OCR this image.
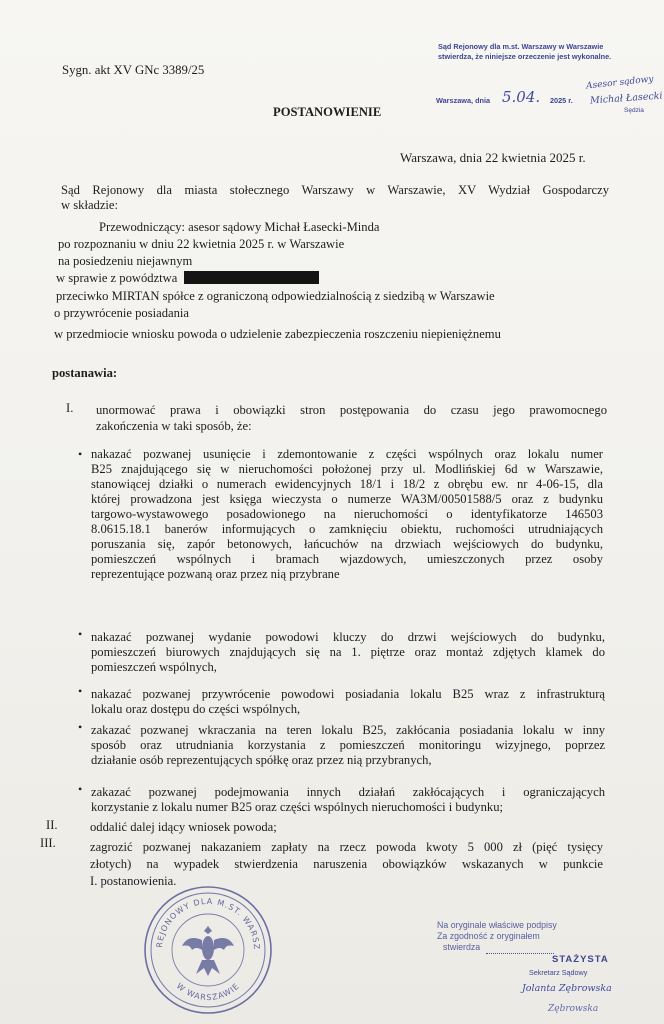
Sygn. akt XV GNc 3389/25
Sąd Rejonowy dla m.st. Warszawy w Warszawie
stwierdza, że niniejsze orzeczenie jest wykonalne.
Asesor sądowy
Warszawa, dnia 5.04. 2025 r. Michał Łasecki
Sędzia
POSTANOWIENIE
Warszawa, dnia 22 kwietnia 2025 r.
Sąd Rejonowy dla miasta stołecznego Warszawy w Warszawie, XV Wydział Gospodarczy
w składzie:
Przewodniczący: asesor sądowy Michał Łasecki-Minda
po rozpoznaniu w dniu 22 kwietnia 2025 r. w Warszawie
na posiedzeniu niejawnym
w sprawie z powództwa
przeciwko MIRTAN spółce z ograniczoną odpowiedzialnością z siedzibą w Warszawie
o przywrócenie posiadania
w przedmiocie wniosku powoda o udzielenie zabezpieczenia roszczeniu niepieniężnemu
postanawia:
I. unormować prawa i obowiązki stron postępowania do czasu jego prawomocnego
zakończenia w taki sposób, że:
• nakazać pozwanej usunięcie i zdemontowanie z części wspólnych oraz lokalu numer
B25 znajdującego się w nieruchomości położonej przy ul. Modlińskiej 6d w Warszawie,
stanowiącej działki o numerach ewidencyjnych 18/1 i 18/2 z obrębu ew. nr 4-06-15, dla
której prowadzona jest księga wieczysta o numerze WA3M/00501588/5 oraz z budynku
targowo-wystawowego posadowionego na nieruchomości o identyfikatorze 146503
8.0615.18.1 banerów informujących o zamknięciu obiektu, ruchomości utrudniających
poruszania się, zapór betonowych, łańcuchów na drzwiach wejściowych do budynku,
pomieszczeń wspólnych i bramach wjazdowych, umieszczonych przez osoby
reprezentujące pozwaną oraz przez nią przybrane
• nakazać pozwanej wydanie powodowi kluczy do drzwi wejściowych do budynku,
pomieszczeń biurowych znajdujących się na 1. piętrze oraz montaż zdjętych klamek do
pomieszczeń wspólnych,
• nakazać pozwanej przywrócenie powodowi posiadania lokalu B25 wraz z infrastrukturą
lokalu oraz dostępu do części wspólnych,
• zakazać pozwanej wkraczania na teren lokalu B25, zakłócania posiadania lokalu w inny
sposób oraz utrudniania korzystania z pomieszczeń monitoringu wizyjnego, poprzez
działanie osób reprezentujących spółkę oraz przez nią przybranych,
• zakazać pozwanej podejmowania innych działań zakłócających i ograniczających
korzystanie z lokalu numer B25 oraz części wspólnych nieruchomości i budynku;
II.	oddalić dalej idący wniosek powoda;
III.	zagrozić pozwanej nakazaniem zapłaty na rzecz powoda kwoty 5 000 zł (pięć tysięcy
złotych) na wypadek stwierdzenia naruszenia obowiązków wskazanych w punkcie
I. postanowienia.
REJONOWY DLA M.ST. WARSZ
W WARSZAWIE
Na oryginale właściwe podpisy
Za zgodność z oryginałem
stwierdza
STAŻYSTA
Sekretarz Sądowy
Jolanta Zębrowska
Zębrowska
